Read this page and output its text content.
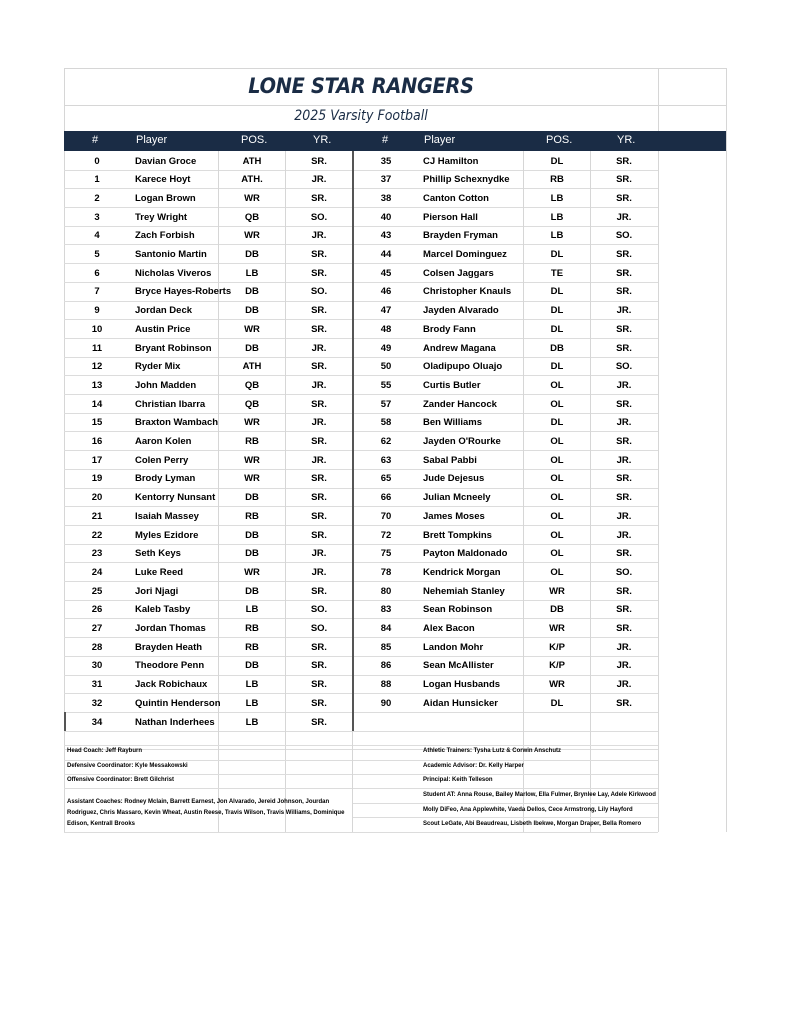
LONE STAR RANGERS
2025 Varsity Football
#	Player	POS.	YR.	#	Player	POS.	YR.
0	Davian Groce	ATH	SR.
1	Karece Hoyt	ATH.	JR.
2	Logan Brown	WR	SR.
3	Trey Wright	QB	SO.
4	Zach Forbish	WR	JR.
5	Santonio Martin	DB	SR.
6	Nicholas Viveros	LB	SR.
7	Bryce Hayes-Roberts	DB	SO.
9	Jordan Deck	DB	SR.
10	Austin Price	WR	SR.
11	Bryant Robinson	DB	JR.
12	Ryder Mix	ATH	SR.
13	John Madden	QB	JR.
14	Christian Ibarra	QB	SR.
15	Braxton Wambach	WR	JR.
16	Aaron Kolen	RB	SR.
17	Colen Perry	WR	JR.
19	Brody Lyman	WR	SR.
20	Kentorry Nunsant	DB	SR.
21	Isaiah Massey	RB	SR.
22	Myles Ezidore	DB	SR.
23	Seth Keys	DB	JR.
24	Luke Reed	WR	JR.
25	Jori Njagi	DB	SR.
26	Kaleb Tasby	LB	SO.
27	Jordan Thomas	RB	SO.
28	Brayden Heath	RB	SR.
30	Theodore Penn	DB	SR.
31	Jack Robichaux	LB	SR.
32	Quintin Henderson	LB	SR.
34	Nathan Inderhees	LB	SR.
35	CJ Hamilton	DL	SR.
37	Phillip Schexnydke	RB	SR.
38	Canton Cotton	LB	SR.
40	Pierson Hall	LB	JR.
43	Brayden Fryman	LB	SO.
44	Marcel Dominguez	DL	SR.
45	Colsen Jaggars	TE	SR.
46	Christopher Knauls	DL	SR.
47	Jayden Alvarado	DL	JR.
48	Brody Fann	DL	SR.
49	Andrew Magana	DB	SR.
50	Oladipupo Oluajo	DL	SO.
55	Curtis Butler	OL	JR.
57	Zander Hancock	OL	SR.
58	Ben Williams	DL	JR.
62	Jayden O'Rourke	OL	SR.
63	Sabal Pabbi	OL	JR.
65	Jude Dejesus	OL	SR.
66	Julian Mcneely	OL	SR.
70	James Moses	OL	JR.
72	Brett Tompkins	OL	JR.
75	Payton Maldonado	OL	SR.
78	Kendrick Morgan	OL	SO.
80	Nehemiah Stanley	WR	SR.
83	Sean Robinson	DB	SR.
84	Alex Bacon	WR	SR.
85	Landon Mohr	K/P	JR.
86	Sean McAllister	K/P	JR.
88	Logan Husbands	WR	JR.
90	Aidan Hunsicker	DL	SR.
Head Coach: Jeff Rayburn
Defensive Coordinator: Kyle Messakowski
Offensive Coordinator: Brett Gilchrist
Assistant Coaches: Rodney Mclain, Barrett Earnest, Jon Alvarado, Jereid Johnson, Jourdan Rodriguez, Chris Massaro, Kevin Wheat, Austin Reese, Travis Wilson, Travis Williams, Dominique Edison, Kentrall Brooks
Athletic Trainers: Tysha Lutz & Corwin Anschutz
Academic Advisor: Dr. Kelly Harper
Principal: Keith Telleson
Student AT: Anna Rouse, Bailey Marlow, Ella Fulmer, Brynlee Lay, Adele Kirkwood
Molly DiFeo, Ana Applewhite, Vaeda Dellos, Cece Armstrong, Lily Hayford
Scout LeGate, Abi Beaudreau, Lisbeth Ibekwe, Morgan Draper, Bella Romero
